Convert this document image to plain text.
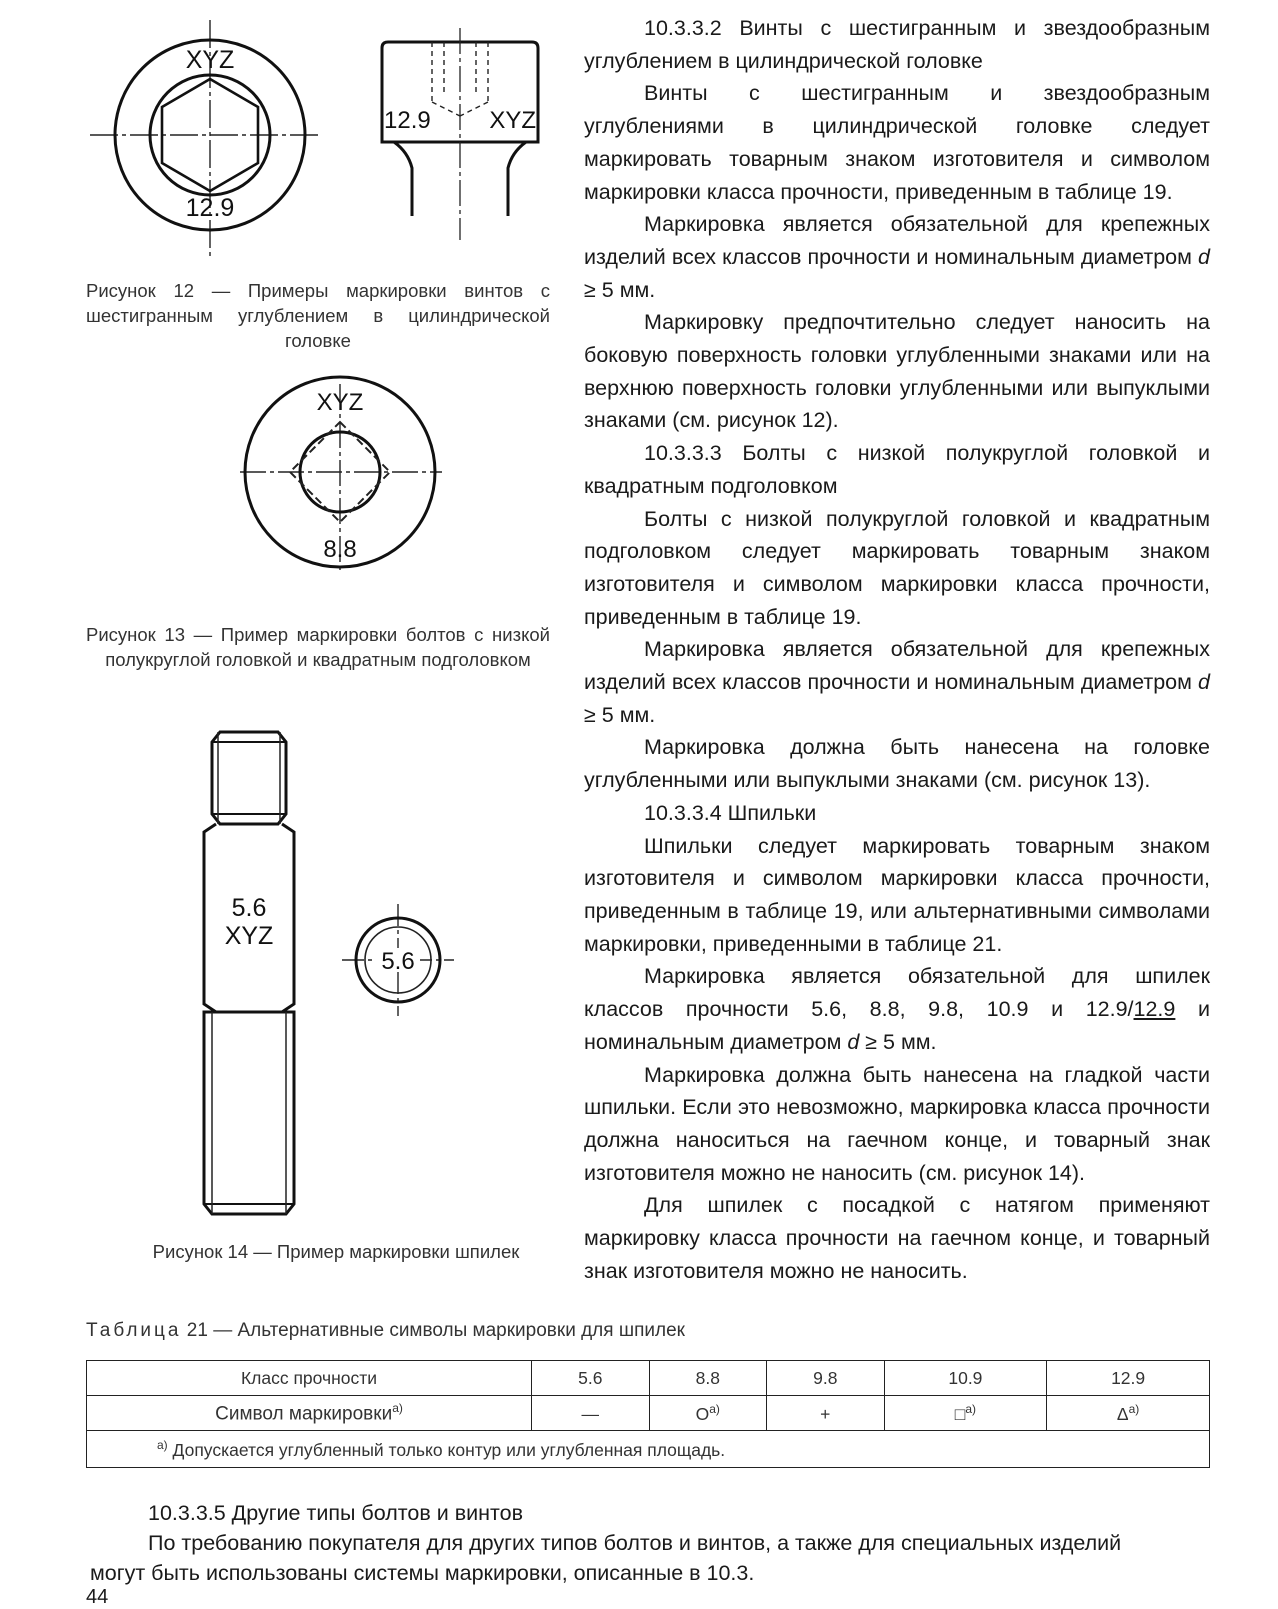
XYZ
12.9
12.9 XYZ
Рисунок 12 — Примеры маркировки винтов с шестигранным углублением в цилиндрической головке
XYZ
8.8
Рисунок 13 — Пример маркировки болтов с низкой полукруглой головкой и квадратным подголовком
5.6
XYZ
5.6
Рисунок 14 — Пример маркировки шпилек

10.3.3.2 Винты с шестигранным и звездообразным углублением в цилиндрической головке

Винты с шестигранным и звездообразным углублениями в цилиндрической головке следует маркировать товарным знаком изготовителя и символом маркировки класса прочности, приведенным в таблице 19.

Маркировка является обязательной для крепежных изделий всех классов прочности и номинальным диаметром d ≥ 5 мм.

Маркировку предпочтительно следует наносить на боковую поверхность головки углубленными знаками или на верхнюю поверхность головки углубленными или выпуклыми знаками (см. рисунок 12).

10.3.3.3 Болты с низкой полукруглой головкой и квадратным подголовком

Болты с низкой полукруглой головкой и квадратным подголовком следует маркировать товарным знаком изготовителя и символом маркировки класса прочности, приведенным в таблице 19.

Маркировка является обязательной для крепежных изделий всех классов прочности и номинальным диаметром d ≥ 5 мм.

Маркировка должна быть нанесена на головке углубленными или выпуклыми знаками (см. рисунок 13).

10.3.3.4 Шпильки

Шпильки следует маркировать товарным знаком изготовителя и символом маркировки класса прочности, приведенным в таблице 19, или альтернативными символами маркировки, приведенными в таблице 21.

Маркировка является обязательной для шпилек классов прочности 5.6, 8.8, 9.8, 10.9 и 12.9/12.9 и номинальным диаметром d ≥ 5 мм.

Маркировка должна быть нанесена на гладкой части шпильки. Если это невозможно, маркировка класса прочности должна наноситься на гаечном конце, и товарный знак изготовителя можно не наносить (см. рисунок 14).

Для шпилек с посадкой с натягом применяют маркировку класса прочности на гаечном конце, и товарный знак изготовителя можно не наносить.

Таблица 21 — Альтернативные символы маркировки для шпилек
Класс прочности	5.6	8.8	9.8	10.9	12.9
Символ маркировки$^{a)}$	—	$O^{a)}$	+	□$^{a)}$	$\Delta^{a)}$
$^{a)}$ Допускается углубленный только контур или углубленная площадь.					

10.3.3.5 Другие типы болтов и винтов

По требованию покупателя для других типов болтов и винтов, а также для специальных изделий

могут быть использованы системы маркировки, описанные в 10.3.

44
